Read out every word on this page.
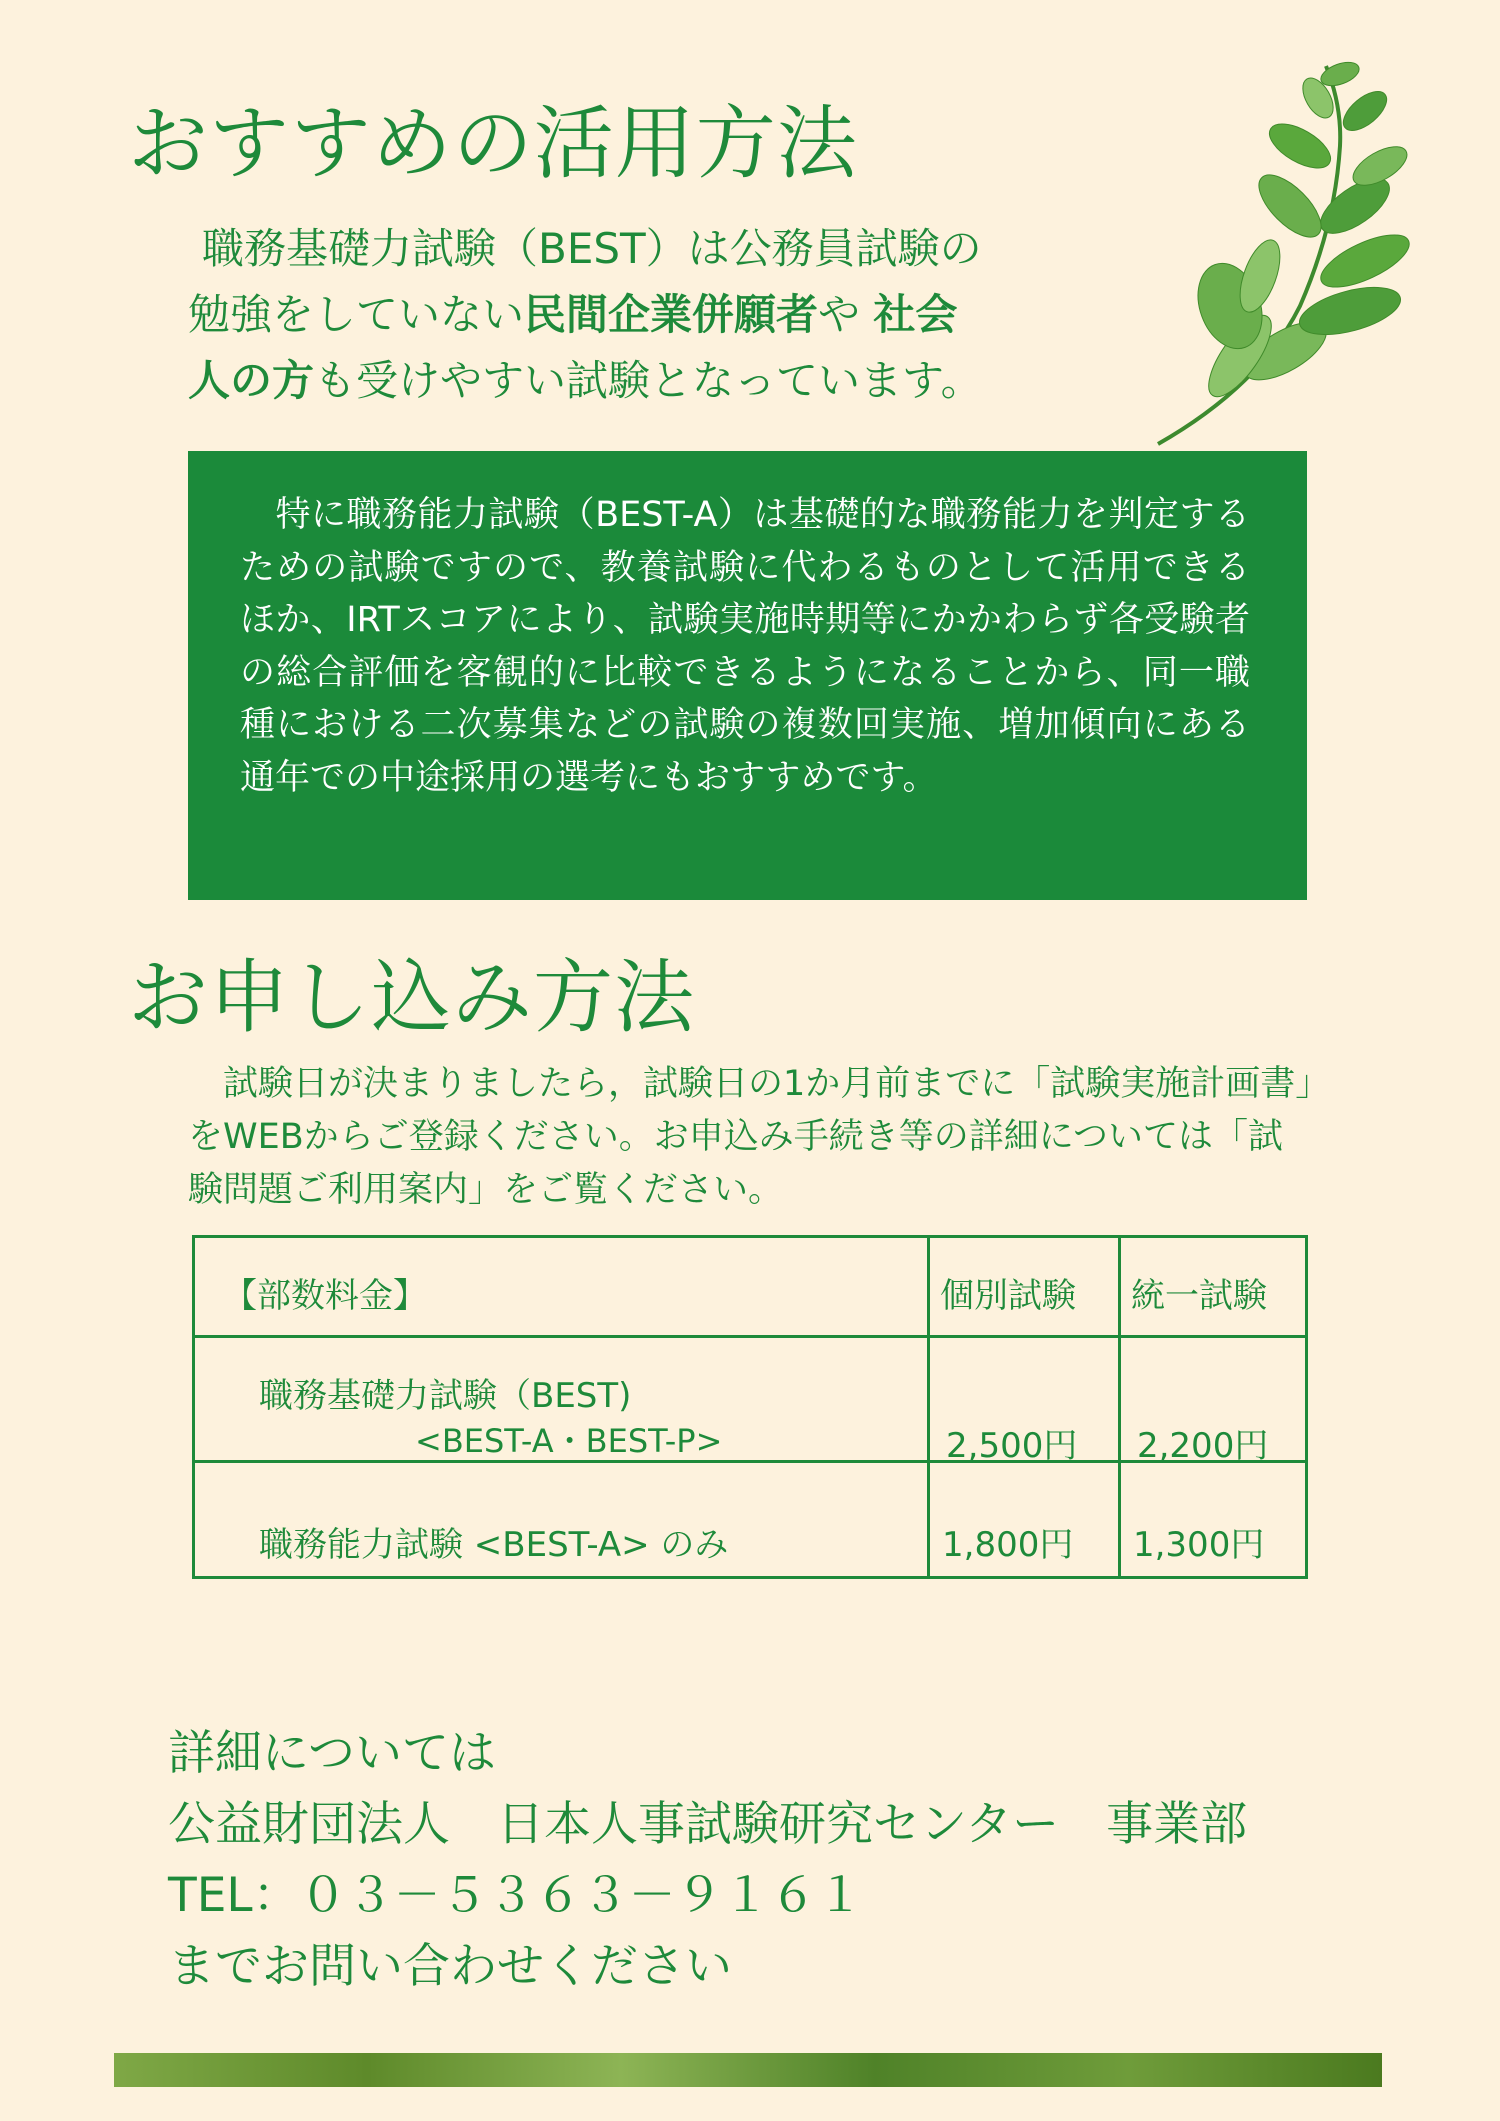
おすすめの活用方法
職務基礎力試験（BEST）は公務員試験の
勉強をしていない民間企業併願者や 社会
人の方も受けやすい試験となっています。

　特に職務能力試験（BEST-A）は基礎的な職務能力を判定するための試験ですので、教養試験に代わるものとして活用できるほか、IRTスコアにより、試験実施時期等にかかわらず各受験者の総合評価を客観的に比較できるようになることから、同一職種における二次募集などの試験の複数回実施、増加傾向にある通年での中途採用の選考にもおすすめです。

お申し込み方法
　試験日が決まりましたら，試験日の1か月前までに「試験実施計画書」をWEBからご登録ください。お申込み手続き等の詳細については「試験問題ご利用案内」をご覧ください。
【部数料金】	個別試験	統一試験

職務基礎力試験（BEST)
<BEST-A・BEST-P>	2,500円	2,200円

職務能力試験 <BEST-A> のみ	1,800円	1,300円
詳細については
公益財団法人　日本人事試験研究センター　事業部
TEL：０３－５３６３－９１６１
までお問い合わせください
